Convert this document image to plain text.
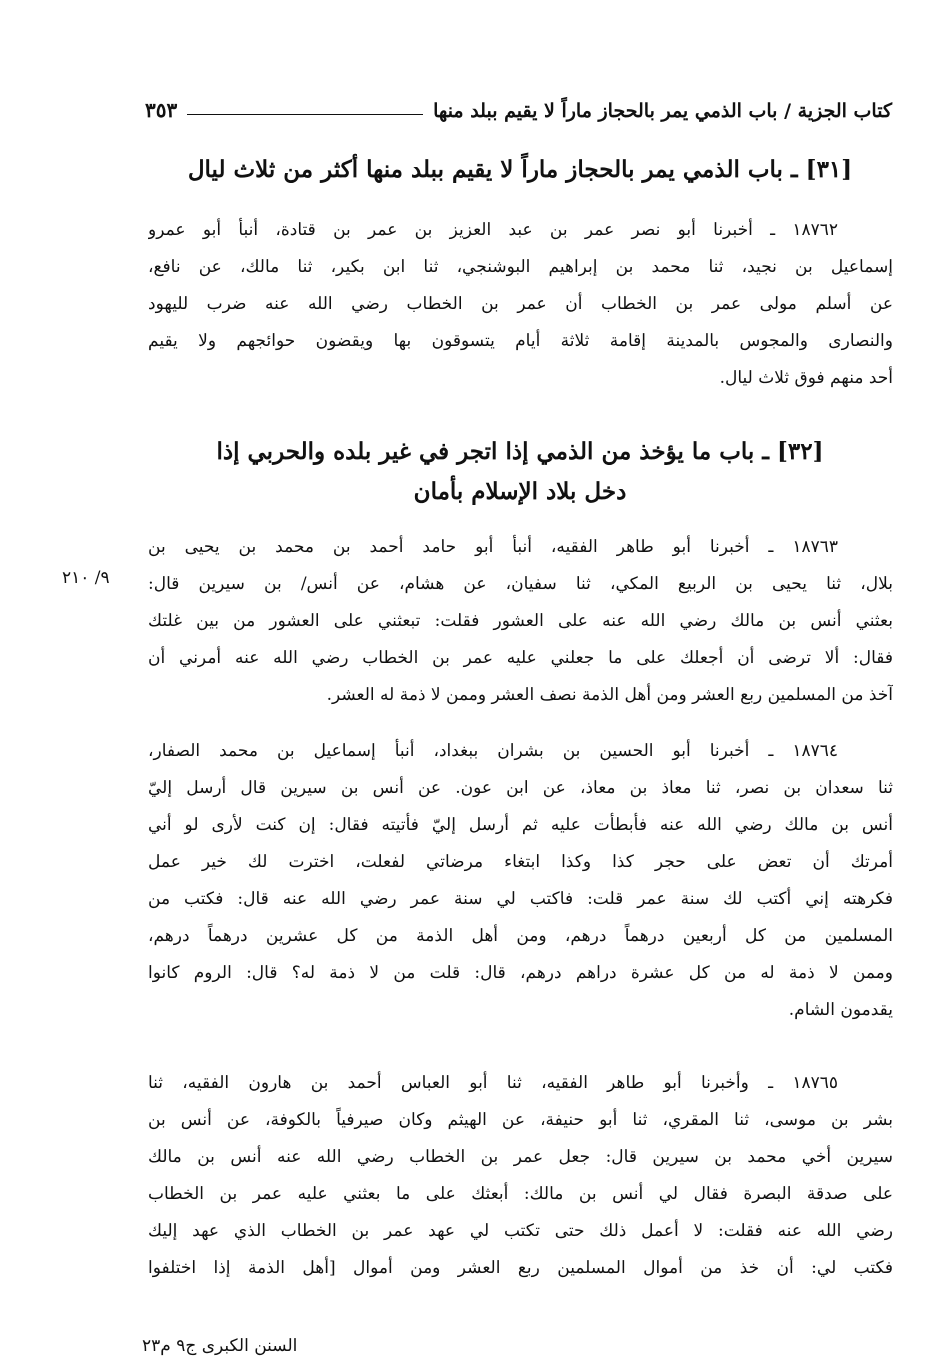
كتاب الجزية / باب الذمي يمر بالحجاز ماراً لا يقيم ببلد منها
٣٥٣
[٣١] ـ باب الذمي يمر بالحجاز ماراً لا يقيم ببلد منها أكثر من ثلاث ليال
١٨٧٦٢ ـ أخبرنا أبو نصر عمر بن عبد العزيز بن عمر بن قتادة، أنبأ أبو عمرو
إسماعيل بن نجيد، ثنا محمد بن إبراهيم البوشنجي، ثنا ابن بكير، ثنا مالك، عن نافع،
عن أسلم مولى عمر بن الخطاب أن عمر بن الخطاب رضي الله عنه ضرب لليهود
والنصارى والمجوس بالمدينة إقامة ثلاثة أيام يتسوقون بها ويقضون حوائجهم ولا يقيم
أحد منهم فوق ثلاث ليال.
[٣٢] ـ باب ما يؤخذ من الذمي إذا اتجر في غير بلده والحربي إذا
دخل بلاد الإسلام بأمان
١٨٧٦٣ ـ أخبرنا أبو طاهر الفقيه، أنبأ أبو حامد أحمد بن محمد بن يحيى بن
بلال، ثنا يحيى بن الربيع المكي، ثنا سفيان، عن هشام، عن أنس/ بن سيرين قال:
بعثني أنس بن مالك رضي الله عنه على العشور فقلت: تبعثني على العشور من بين غلتك
فقال: ألا ترضى أن أجعلك على ما جعلني عليه عمر بن الخطاب رضي الله عنه أمرني أن
آخذ من المسلمين ربع العشر ومن أهل الذمة نصف العشر وممن لا ذمة له العشر.
٩/ ٢١٠
١٨٧٦٤ ـ أخبرنا أبو الحسين بن بشران ببغداد، أنبأ إسماعيل بن محمد الصفار،
ثنا سعدان بن نصر، ثنا معاذ بن معاذ، عن ابن عون. عن أنس بن سيرين قال أرسل إليّ
أنس بن مالك رضي الله عنه فأبطأت عليه ثم أرسل إليّ فأتيته فقال: إن كنت لأرى لو أني
أمرتك أن تعض على حجر كذا وكذا ابتغاء مرضاتي لفعلت، اخترت لك خير عمل
فكرهته إني أكتب لك سنة عمر قلت: فاكتب لي سنة عمر رضي الله عنه قال: فكتب من
المسلمين من كل أربعين درهماً درهم، ومن أهل الذمة من كل عشرين درهماً درهم،
وممن لا ذمة له من كل عشرة دراهم درهم، قال: قلت من لا ذمة له؟ قال: الروم كانوا
يقدمون الشام.
١٨٧٦٥ ـ وأخبرنا أبو طاهر الفقيه، ثنا أبو العباس أحمد بن هارون الفقيه، ثنا
بشر بن موسى، ثنا المقري، ثنا أبو حنيفة، عن الهيثم وكان صيرفياً بالكوفة، عن أنس بن
سيرين أخي محمد بن سيرين قال: جعل عمر بن الخطاب رضي الله عنه أنس بن مالك
على صدقة البصرة فقال لي أنس بن مالك: أبعثك على ما بعثني عليه عمر بن الخطاب
رضي الله عنه فقلت: لا أعمل ذلك حتى تكتب لي عهد عمر بن الخطاب الذي عهد إليك
فكتب لي: أن خذ من أموال المسلمين ربع العشر ومن أموال [أهل الذمة إذا اختلفوا
السنن الكبرى ج٩ م٢٣
